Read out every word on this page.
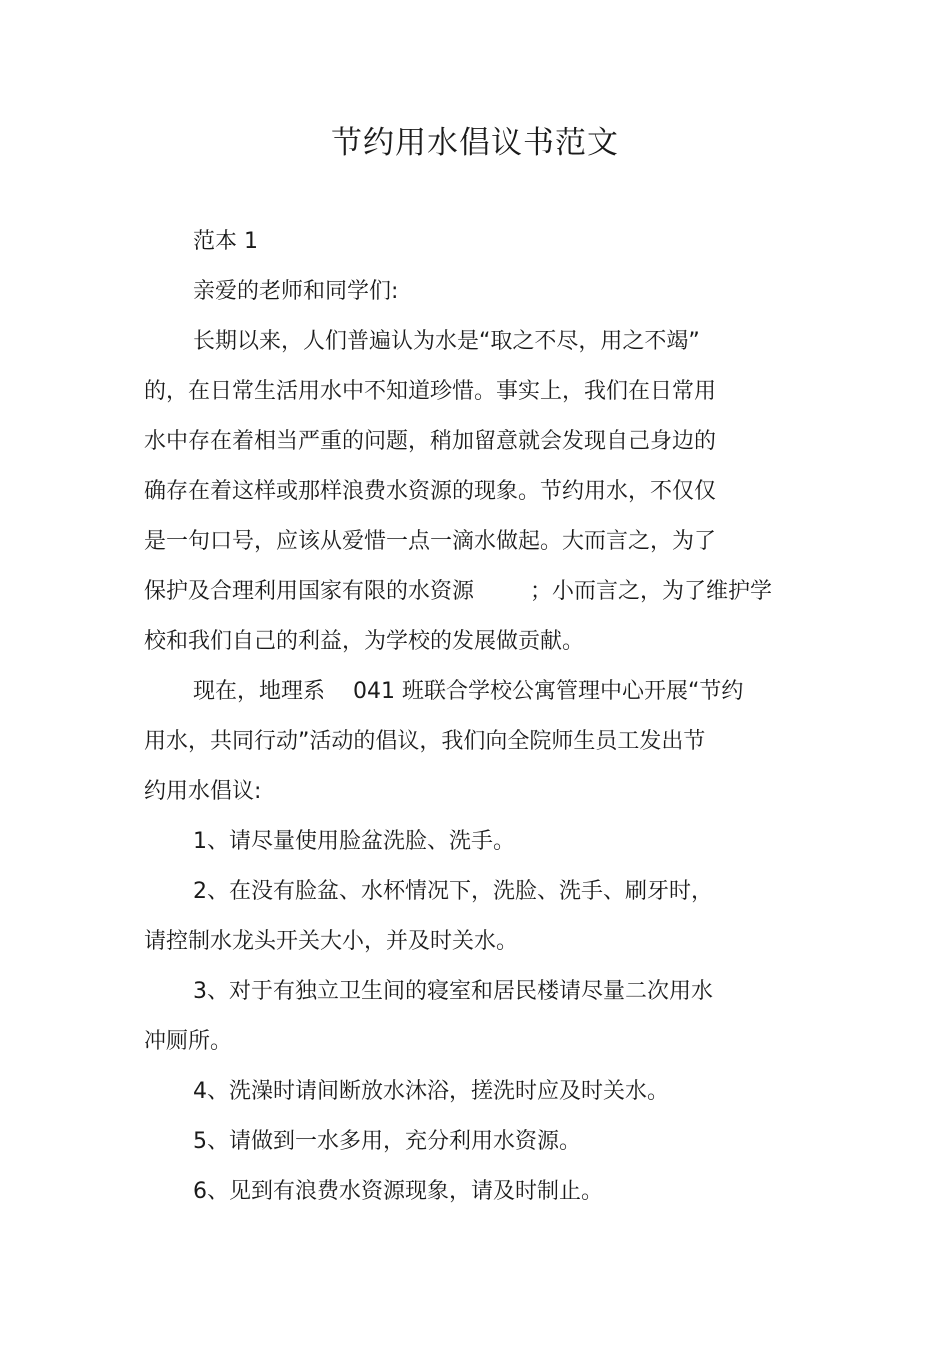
节约用水倡议书范文

范本 1

亲爱的老师和同学们:

长期以来，人们普遍认为水是“取之不尽，用之不竭”

的，在日常生活用水中不知道珍惜。事实上，我们在日常用

水中存在着相当严重的问题，稍加留意就会发现自己身边的

确存在着这样或那样浪费水资源的现象。节约用水，不仅仅

是一句口号，应该从爱惜一点一滴水做起。大而言之，为了

保护及合理利用国家有限的水资源        ；小而言之，为了维护学

校和我们自己的利益，为学校的发展做贡献。

现在，地理系    041 班联合学校公寓管理中心开展“节约

用水，共同行动”活动的倡议，我们向全院师生员工发出节

约用水倡议:

1、请尽量使用脸盆洗脸、洗手。

2、在没有脸盆、水杯情况下，洗脸、洗手、刷牙时，

请控制水龙头开关大小，并及时关水。

3、对于有独立卫生间的寝室和居民楼请尽量二次用水

冲厕所。

4、洗澡时请间断放水沐浴，搓洗时应及时关水。

5、请做到一水多用，充分利用水资源。

6、见到有浪费水资源现象，请及时制止。
